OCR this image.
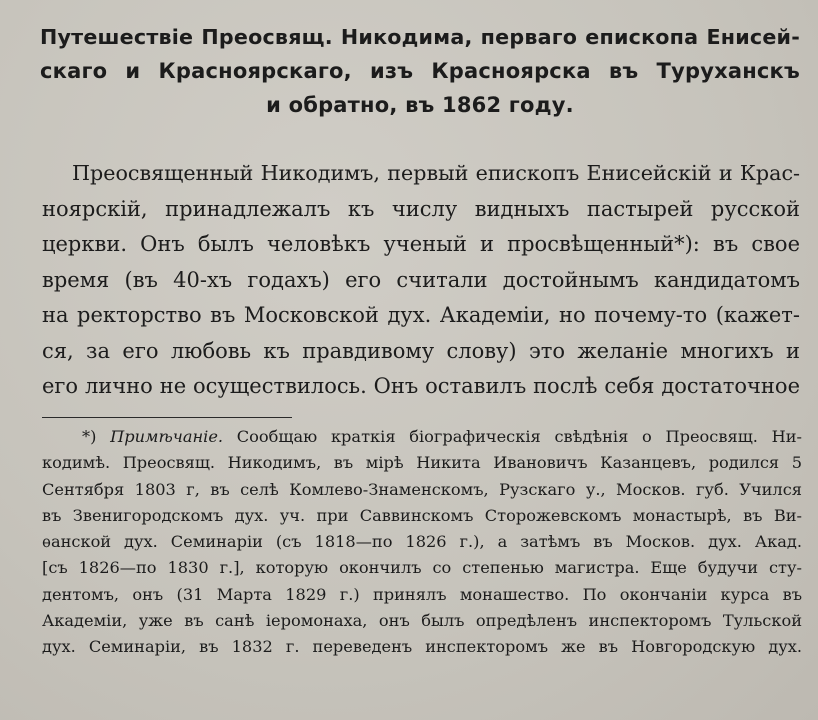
Путешествіе Преосвящ. Никодима, перваго епископа Енисей-
скаго и Красноярскаго, изъ Красноярска въ Туруханскъ
и обратно, въ 1862 году.
Преосвященный Никодимъ, первый епископъ Енисейскій и Крас-
ноярскій, принадлежалъ къ числу видныхъ пастырей русской
церкви. Онъ былъ человѣкъ ученый и просвѣщенный*): въ свое
время (въ 40-хъ годахъ) его считали достойнымъ кандидатомъ
на ректорство въ Московской дух. Академіи, но почему-то (кажет-
ся, за его любовь къ правдивому слову) это желаніе многихъ и
его лично не осуществилось. Онъ оставилъ послѣ себя достаточное
*) Примѣчаніе. Сообщаю краткія біографическія свѣдѣнія о Преосвящ. Ни-
кодимѣ. Преосвящ. Никодимъ, въ мірѣ Никита Ивановичъ Казанцевъ, родился 5
Сентября 1803 г, въ селѣ Комлево-Знаменскомъ, Рузскаго у., Москов. губ. Учился
въ Звенигородскомъ дух. уч. при Саввинскомъ Сторожевскомъ монастырѣ, въ Ви-
ѳанской дух. Семинаріи (съ 1818—по 1826 г.), а затѣмъ въ Москов. дух. Акад.
[съ 1826—по 1830 г.], которую окончилъ со степенью магистра. Еще будучи сту-
дентомъ, онъ (31 Марта 1829 г.) принялъ монашество. По окончаніи курса въ
Академіи, уже въ санѣ іеромонаха, онъ былъ опредѣленъ инспекторомъ Тульской
дух. Семинаріи, въ 1832 г. переведенъ инспекторомъ же въ Новгородскую дух.
